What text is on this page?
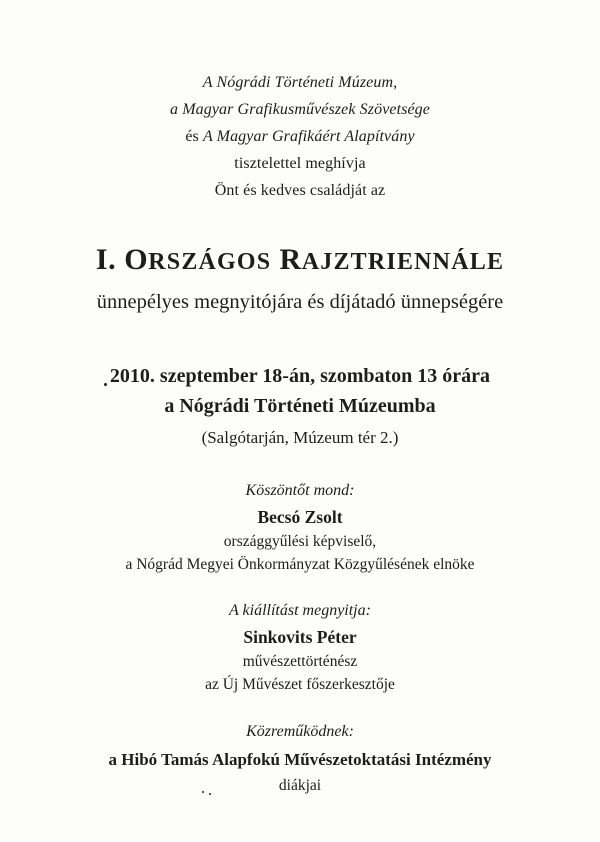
A Nógrádi Történeti Múzeum,
a Magyar Grafikusművészek Szövetsége
és A Magyar Grafikáért Alapítvány
tisztelettel meghívja
Önt és kedves családját az
I. ORSZÁGOS RAJZTRIENNÁLE
ünnepélyes megnyitójára és díjátadó ünnepségére
2010. szeptember 18-án, szombaton 13 órára
a Nógrádi Történeti Múzeumba
(Salgótarján, Múzeum tér 2.)
Köszöntőt mond:
Becsó Zsolt
országgyűlési képviselő,
a Nógrád Megyei Önkormányzat Közgyűlésének elnöke
A kiállítást megnyitja:
Sinkovits Péter
művészettörténész
az Új Művészet főszerkesztője
Közreműködnek:
a Hibó Tamás Alapfokú Művészetoktatási Intézmény
diákjai
